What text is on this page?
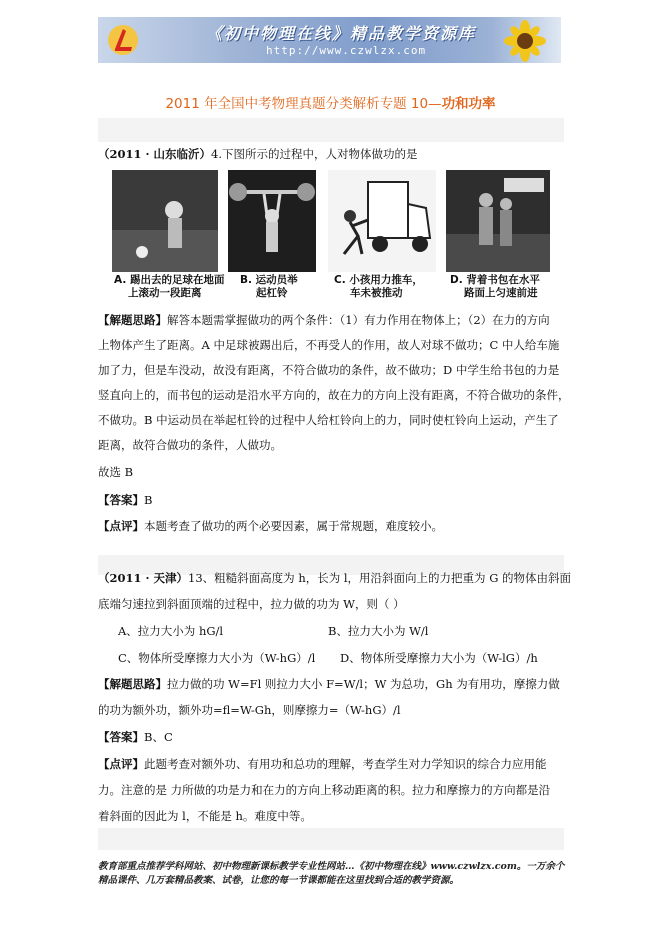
《初中物理在线》精品教学资源库
http://www.czwlzx.com
2011 年全国中考物理真题分类解析专题 10—功和功率
（2011 · 山东临沂）4.下图所示的过程中，人对物体做功的是
A. 踢出去的足球在地面
上滚动一段距离
B. 运动员举
起杠铃
C. 小孩用力推车，
车未被推动
D. 背着书包在水平
路面上匀速前进
【解题思路】解答本题需掌握做功的两个条件：（1）有力作用在物体上；（2）在力的方向
上物体产生了距离。A 中足球被踢出后，不再受人的作用，故人对球不做功；C 中人给车施
加了力，但是车没动，故没有距离，不符合做功的条件，故不做功；D 中学生给书包的力是
竖直向上的，而书包的运动是沿水平方向的，故在力的方向上没有距离，不符合做功的条件，
不做功。B 中运动员在举起杠铃的过程中人给杠铃向上的力，同时使杠铃向上运动，产生了
距离，故符合做功的条件，人做功。
故选 B
【答案】B
【点评】本题考查了做功的两个必要因素，属于常规题，难度较小。
（2011 · 天津）13、粗糙斜面高度为 h，长为 l，用沿斜面向上的力把重为 G 的物体由斜面
底端匀速拉到斜面顶端的过程中，拉力做的功为 W，则（ ）
A、拉力大小为 hG/l	B、拉力大小为 W/l
C、物体所受摩擦力大小为（W-hG）/l	D、物体所受摩擦力大小为（W-lG）/h
【解题思路】拉力做的功 W=Fl 则拉力大小 F=W/l；W 为总功，Gh 为有用功，摩擦力做
的功为额外功，额外功=fl=W-Gh，则摩擦力=（W-hG）/l
【答案】B、C
【点评】此题考查对额外功、有用功和总功的理解，考查学生对力学知识的综合力应用能
力。注意的是 力所做的功是力和在力的方向上移动距离的积。拉力和摩擦力的方向都是沿
着斜面的因此为 l，不能是 h。难度中等。
教育部重点推荐学科网站、初中物理新课标教学专业性网站…《初中物理在线》www.czwlzx.com。一万余个精品课件、几万套精品教案、试卷，让您的每一节课都能在这里找到合适的教学资源。
